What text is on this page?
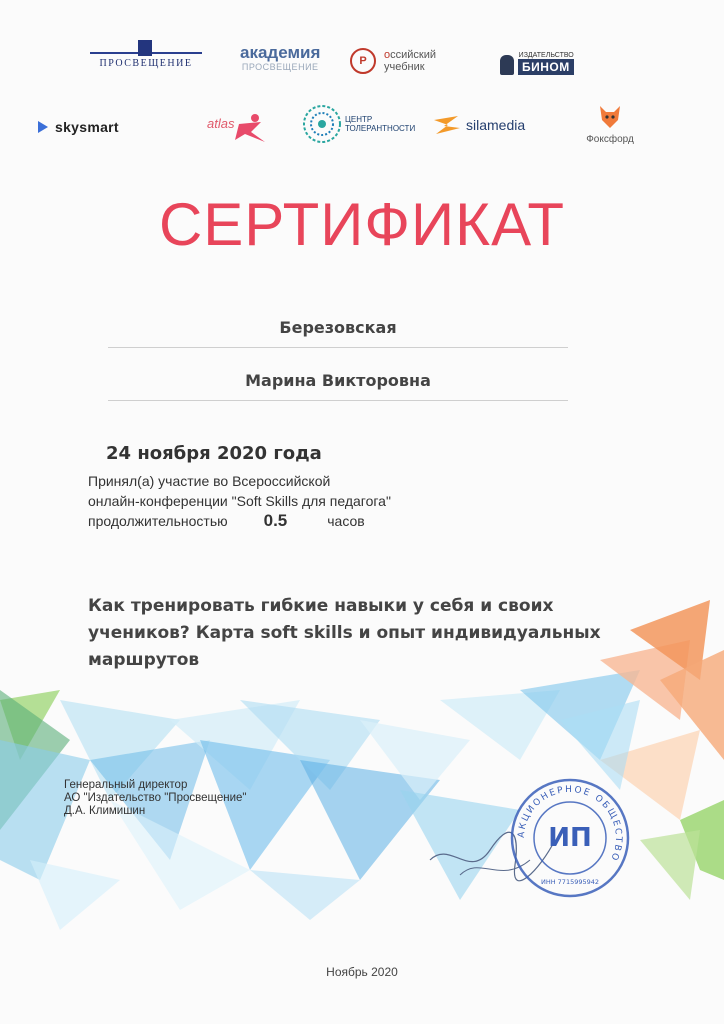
ПРОСВЕЩЕНИЕ
академия
ПРОСВЕЩЕНИЕ	Р	оссийский
учебник
ИЗДАТЕЛЬСТВО
БИНОМ
skysmart	atlas	ЦЕНТР
ТОЛЕРАНТНОСТИ	silamedia
Фоксфорд
СЕРТИФИКАТ
Березовская
Марина Викторовна
24 ноября 2020 года
Принял(а) участие во Всероссийской
онлайн-конференции "Soft Skills для педагога"
продолжительностью 0.5	часов
Как тренировать гибкие навыки у себя и своих учеников? Карта soft skills и опыт индивидуальных маршрутов
Генеральный директор
АО "Издательство "Просвещение"
Д.А. Климишин
АКЦИОНЕРНОЕ ОБЩЕСТВО
ИП
ИНН 7715995942
Ноябрь 2020
